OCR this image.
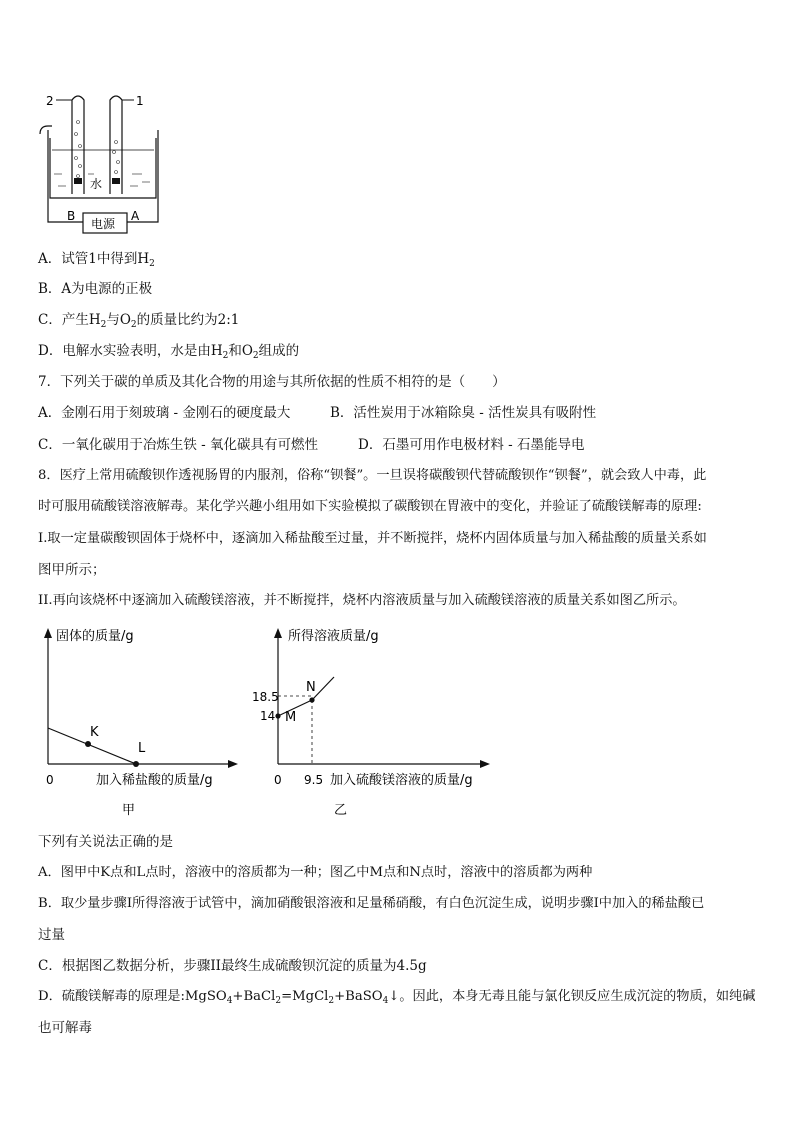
2	1
水
电源
B	A
A．试管1中得到$H_2$
B．A为电源的正极
C．产生$H_2$与$O_2$的质量比约为2:1
D．电解水实验表明，水是由$H_2$和$O_2$组成的
7．下列关于碳的单质及其化合物的用途与其所依据的性质不相符的是（　　）
A．金刚石用于刻玻璃 - 金刚石的硬度最大	B．活性炭用于冰箱除臭 - 活性炭具有吸附性
C．一氧化碳用于冶炼生铁 - 氧化碳具有可燃性	D．石墨可用作电极材料 - 石墨能导电
8．医疗上常用硫酸钡作透视肠胃的内服剂，俗称“钡餐”。一旦误将碳酸钡代替硫酸钡作“钡餐”，就会致人中毒，此
时可服用硫酸镁溶液解毒。某化学兴趣小组用如下实验模拟了碳酸钡在胃液中的变化，并验证了硫酸镁解毒的原理:
I.取一定量碳酸钡固体于烧杯中，逐滴加入稀盐酸至过量，并不断搅拌，烧杯内固体质量与加入稀盐酸的质量关系如
图甲所示；
II.再向该烧杯中逐滴加入硫酸镁溶液，并不断搅拌，烧杯内溶液质量与加入硫酸镁溶液的质量关系如图乙所示。
固体的质量/g
K
L
0	加入稀盐酸的质量/g
甲
所得溶液质量/g
18.5
14 M
N
0 9.5 加入硫酸镁溶液的质量/g
乙
下列有关说法正确的是
A．图甲中K点和L点时，溶液中的溶质都为一种；图乙中M点和N点时，溶液中的溶质都为两种
B．取少量步骤I所得溶液于试管中，滴加硝酸银溶液和足量稀硝酸，有白色沉淀生成，说明步骤I中加入的稀盐酸已
过量
C．根据图乙数据分析，步骤II最终生成硫酸钡沉淀的质量为4.5g
D．硫酸镁解毒的原理是:MgSO$_4$+BaCl$_2$=MgCl$_2$+BaSO$_4$↓。因此，本身无毒且能与氯化钡反应生成沉淀的物质，如纯碱
也可解毒
